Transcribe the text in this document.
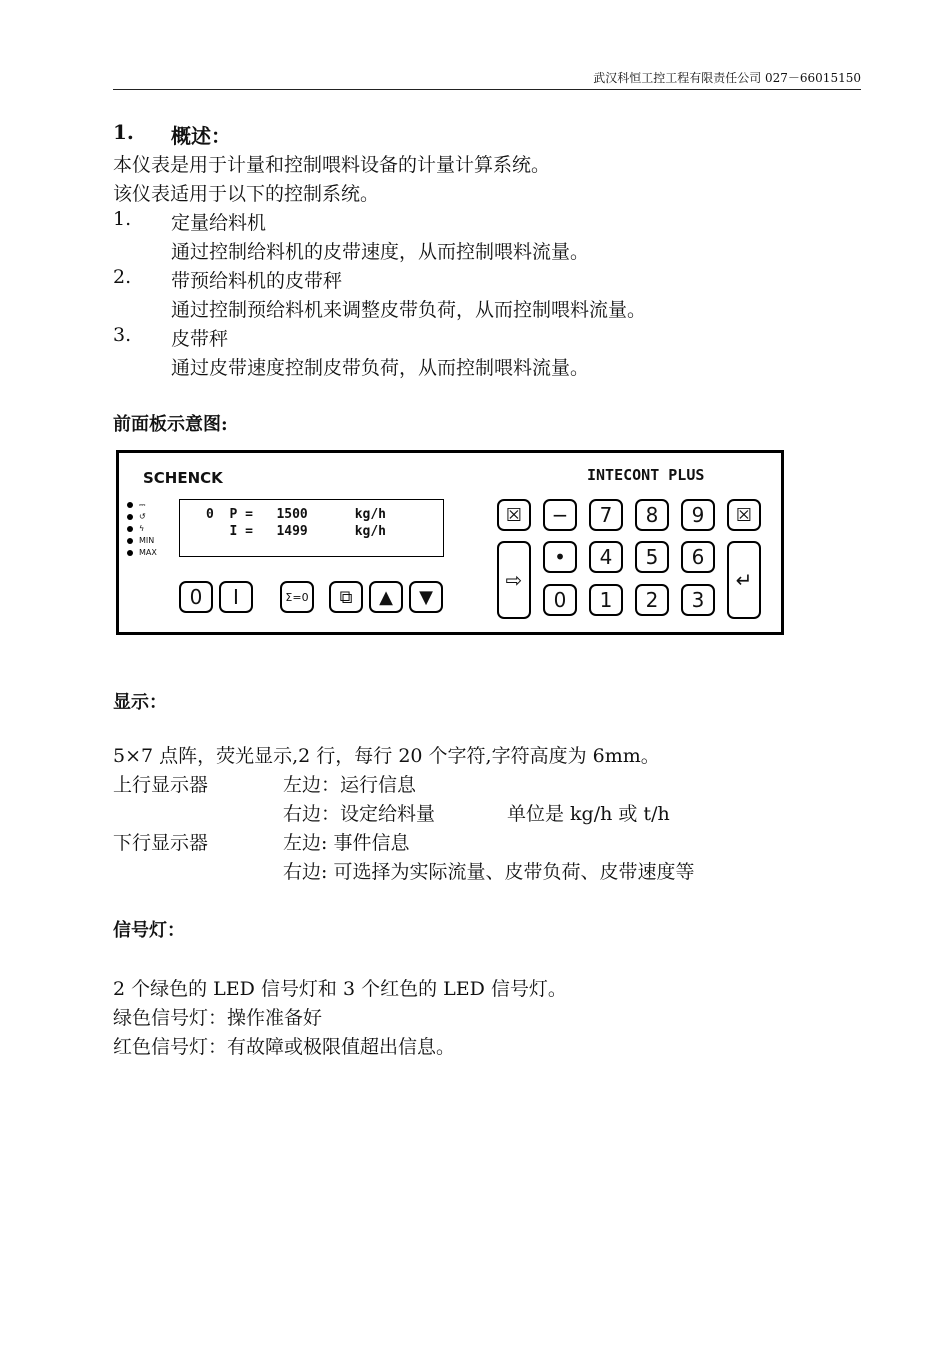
武汉科恒工控工程有限责任公司 027－66015150
1. 概述：
本仪表是用于计量和控制喂料设备的计量计算系统。
该仪表适用于以下的控制系统。
1. 定量给料机
通过控制给料机的皮带速度，从而控制喂料流量。
2. 带预给料机的皮带秤
通过控制预给料机来调整皮带负荷，从而控制喂料流量。
3. 皮带秤
通过皮带速度控制皮带负荷，从而控制喂料流量。
前面板示意图:
SCHENCK	INTECONT PLUS
⎓
↺
ϟ
MIN
MAX
0  P =   1500      kg/h
I =   1499      kg/h
0	I	Σ=0	⧉	▲	▼
☒	−	7	8	9	☒
⇨	↵
•	4	5	6
0	1	2	3
显示：
5×7 点阵，荧光显示,2 行，每行 20 个字符,字符高度为 6mm。
上行显示器	左边：运行信息
右边：设定给料量	单位是 kg/h 或 t/h
下行显示器	左边: 事件信息
右边: 可选择为实际流量、皮带负荷、皮带速度等
信号灯：
2 个绿色的 LED 信号灯和 3 个红色的 LED 信号灯。
绿色信号灯：操作准备好
红色信号灯：有故障或极限值超出信息。
